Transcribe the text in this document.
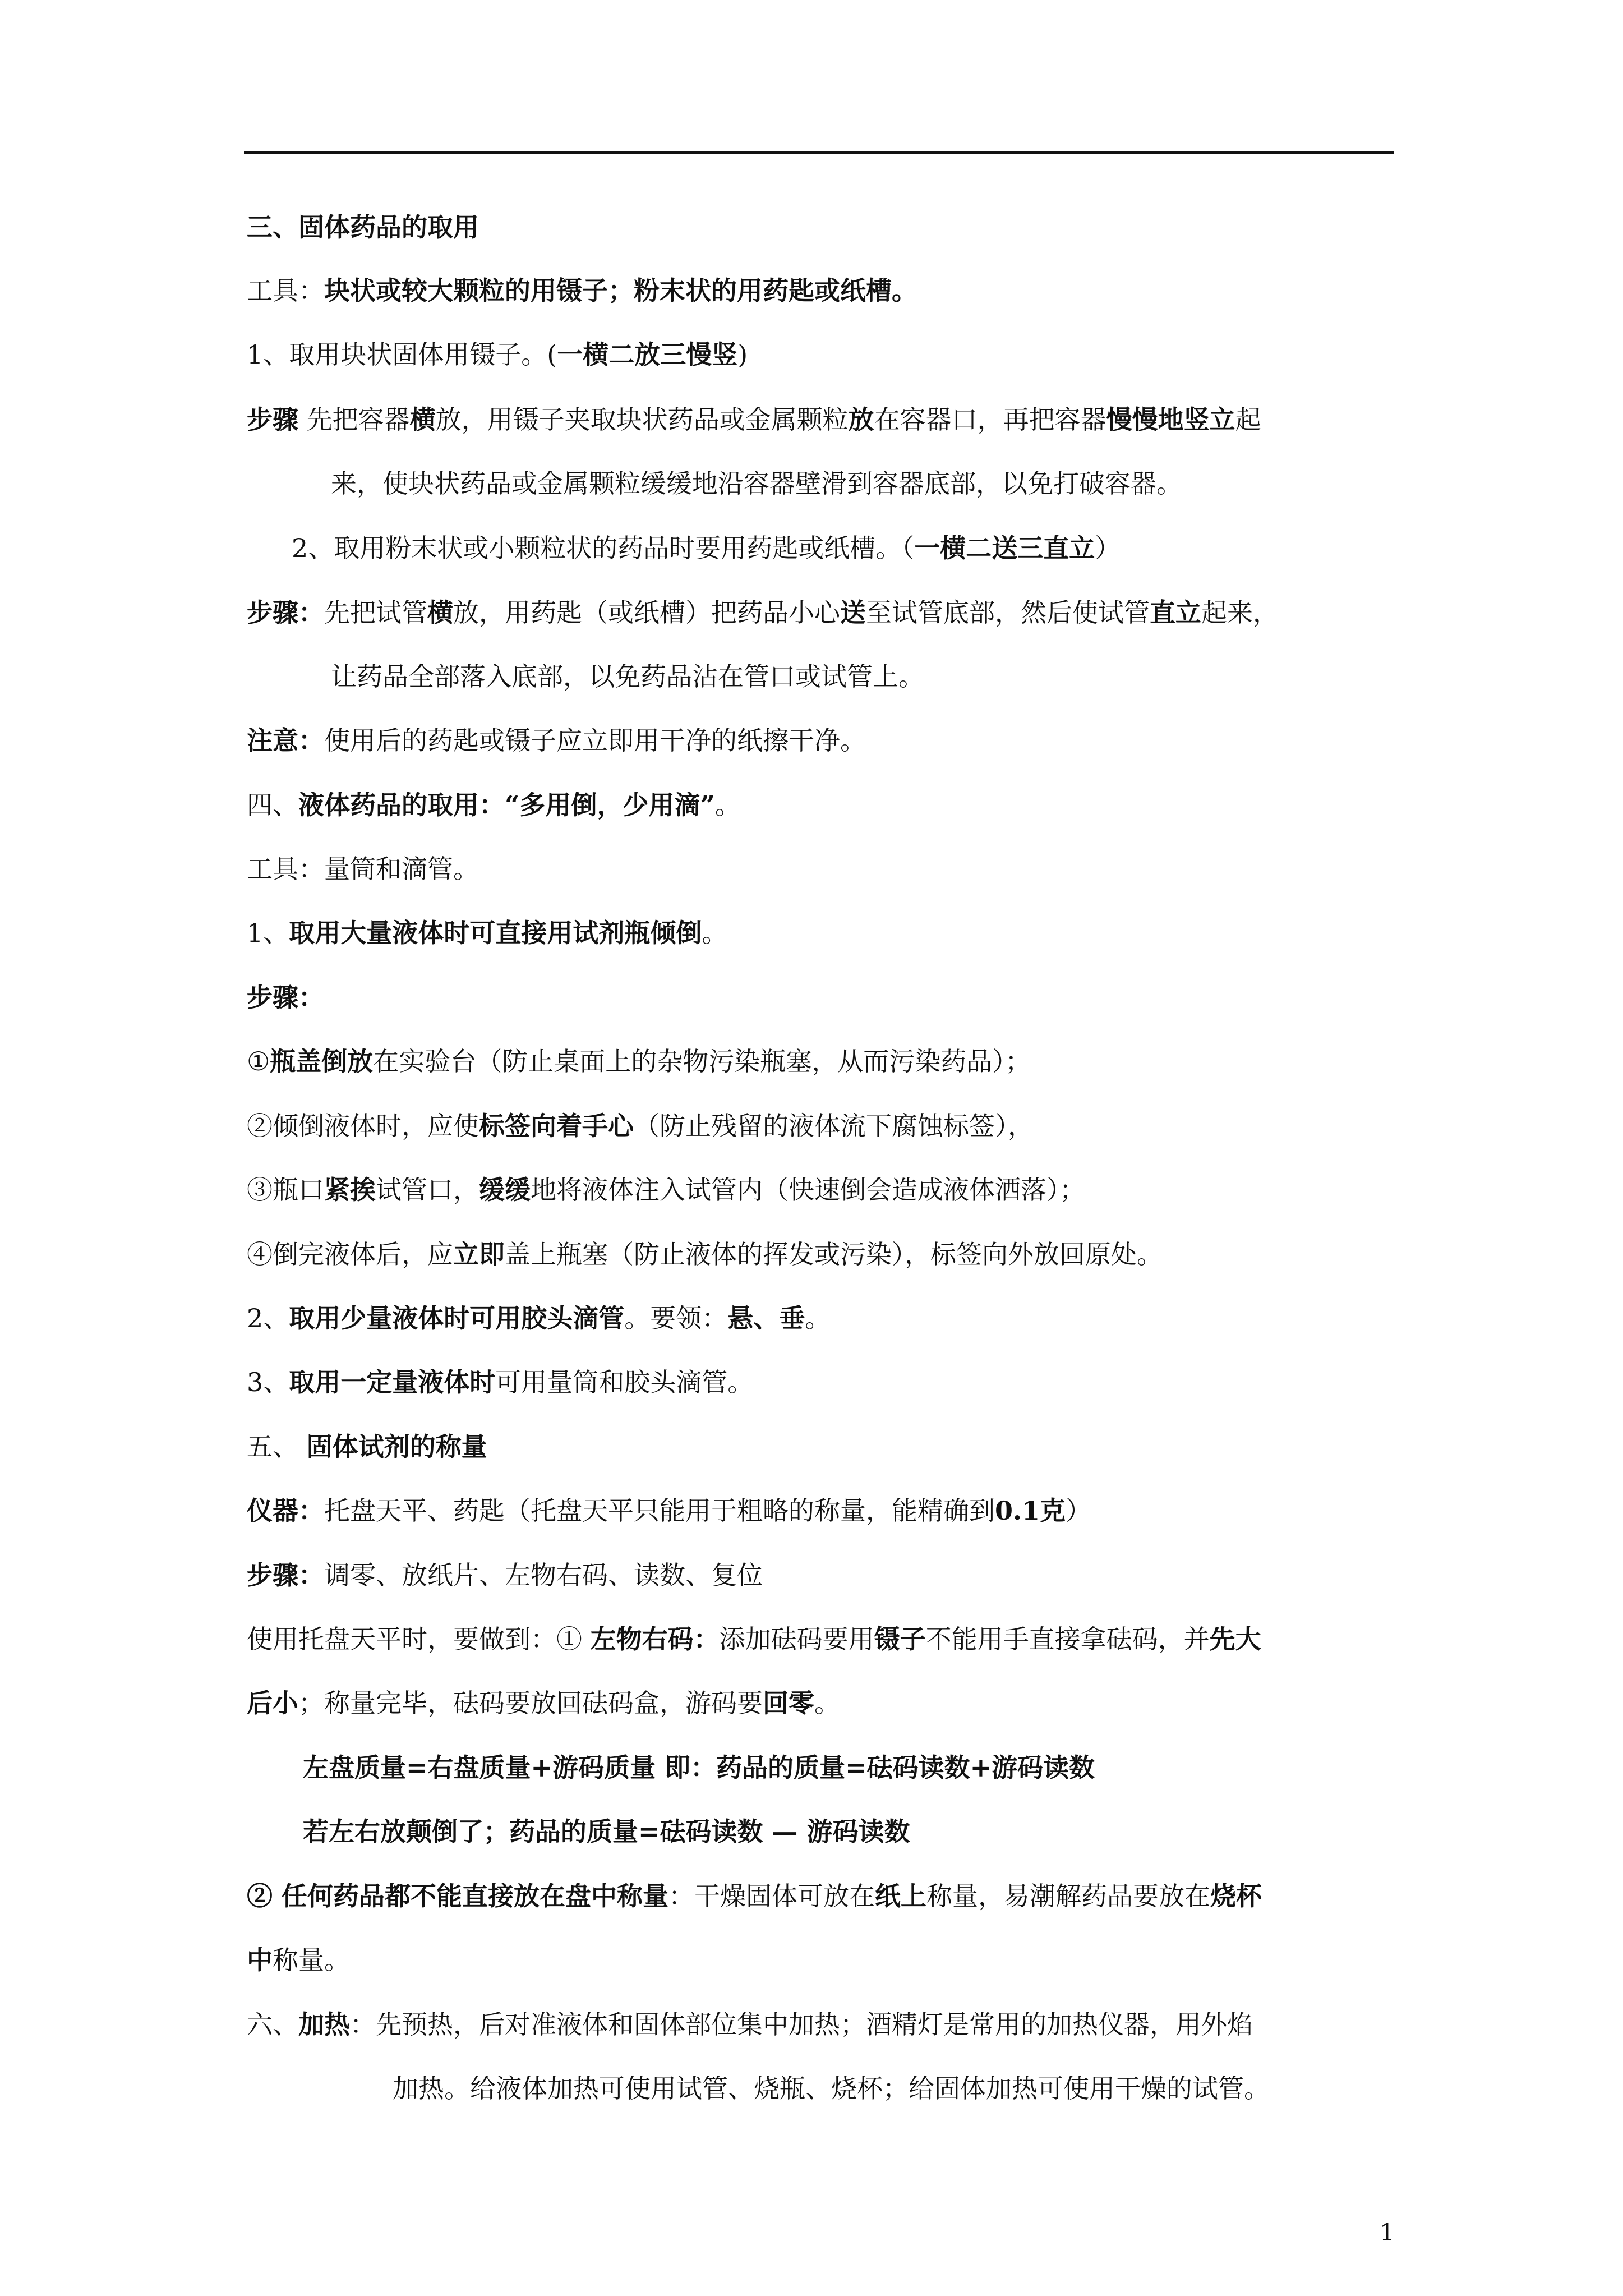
三、固体药品的取用
工具：块状或较大颗粒的用镊子；粉末状的用药匙或纸槽。
1、取用块状固体用镊子。(一横二放三慢竖)
步骤 先把容器横放，用镊子夹取块状药品或金属颗粒放在容器口，再把容器慢慢地竖立起
来，使块状药品或金属颗粒缓缓地沿容器壁滑到容器底部，以免打破容器。
2、取用粉末状或小颗粒状的药品时要用药匙或纸槽。（一横二送三直立）
步骤：先把试管横放，用药匙（或纸槽）把药品小心送至试管底部，然后使试管直立起来，
让药品全部落入底部，以免药品沾在管口或试管上。
注意：使用后的药匙或镊子应立即用干净的纸擦干净。
四、液体药品的取用：“多用倒，少用滴”。
工具：量筒和滴管。
1、取用大量液体时可直接用试剂瓶倾倒。
步骤：
①瓶盖倒放在实验台（防止桌面上的杂物污染瓶塞，从而污染药品）；
②倾倒液体时，应使标签向着手心（防止残留的液体流下腐蚀标签），
③瓶口紧挨试管口，缓缓地将液体注入试管内（快速倒会造成液体洒落）；
④倒完液体后，应立即盖上瓶塞（防止液体的挥发或污染），标签向外放回原处。
2、取用少量液体时可用胶头滴管。要领：悬、垂。
3、取用一定量液体时可用量筒和胶头滴管。
五、 固体试剂的称量
仪器：托盘天平、药匙（托盘天平只能用于粗略的称量，能精确到0.1克）
步骤：调零、放纸片、左物右码、读数、复位
使用托盘天平时，要做到：① 左物右码：添加砝码要用镊子不能用手直接拿砝码，并先大
后小；称量完毕，砝码要放回砝码盒，游码要回零。
左盘质量=右盘质量+游码质量 即：药品的质量=砝码读数+游码读数
若左右放颠倒了；药品的质量=砝码读数 — 游码读数
② 任何药品都不能直接放在盘中称量：干燥固体可放在纸上称量，易潮解药品要放在烧杯
中称量。
六、加热：先预热，后对准液体和固体部位集中加热；酒精灯是常用的加热仪器，用外焰
加热。给液体加热可使用试管、烧瓶、烧杯；给固体加热可使用干燥的试管。
1
